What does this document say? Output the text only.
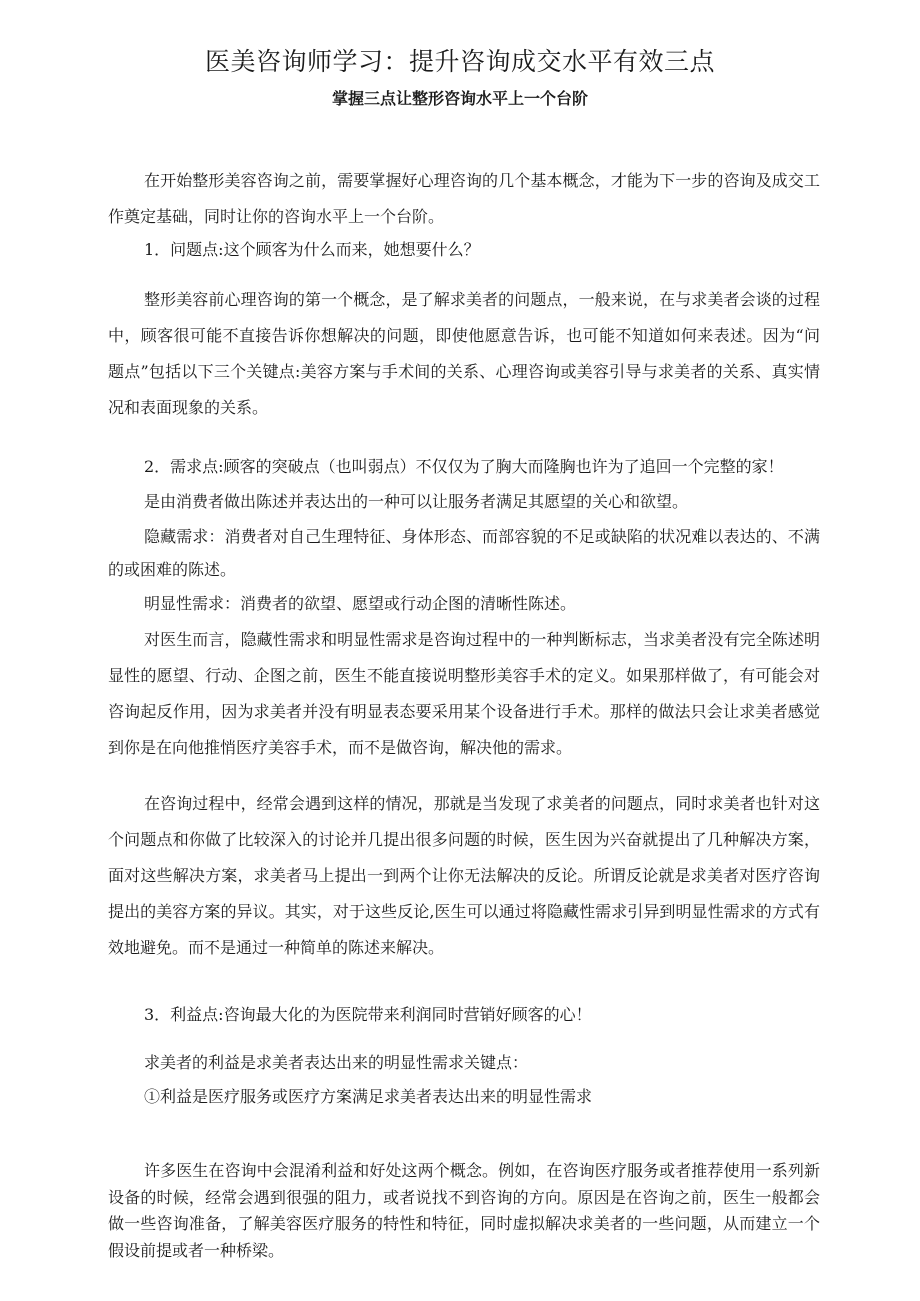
医美咨询师学习：提升咨询成交水平有效三点
掌握三点让整形咨询水平上一个台阶

在开始整形美容咨询之前，需要掌握好心理咨询的几个基本概念，才能为下一步的咨询及成交工作奠定基础，同时让你的咨询水平上一个台阶。

1．问题点:这个顾客为什么而来，她想要什么？

整形美容前心理咨询的第一个概念，是了解求美者的问题点，一般来说，在与求美者会谈的过程中，顾客很可能不直接告诉你想解决的问题，即使他愿意告诉，也可能不知道如何来表述。因为“问题点”包括以下三个关键点:美容方案与手术间的关系、心理咨询或美容引导与求美者的关系、真实情况和表面现象的关系。

2．需求点:顾客的突破点（也叫弱点）不仅仅为了胸大而隆胸也许为了追回一个完整的家！

是由消费者做出陈述并表达出的一种可以让服务者满足其愿望的关心和欲望。

隐藏需求：消费者对自己生理特征、身体形态、而部容貌的不足或缺陷的状况难以表达的、不满的或困难的陈述。

明显性需求：消费者的欲望、愿望或行动企图的清晰性陈述。

对医生而言，隐藏性需求和明显性需求是咨询过程中的一种判断标志，当求美者没有完全陈述明显性的愿望、行动、企图之前，医生不能直接说明整形美容手术的定义。如果那样做了，有可能会对咨询起反作用，因为求美者并没有明显表态要采用某个设备进行手术。那样的做法只会让求美者感觉到你是在向他推悄医疗美容手术，而不是做咨询，解决他的需求。

在咨询过程中，经常会遇到这样的情况，那就是当发现了求美者的问题点，同时求美者也针对这个问题点和你做了比较深入的讨论并几提出很多问题的时候，医生因为兴奋就提出了几种解决方案，面对这些解决方案，求美者马上提出一到两个让你无法解决的反论。所谓反论就是求美者对医疗咨询提出的美容方案的异议。其实，对于这些反论,医生可以通过将隐藏性需求引异到明显性需求的方式有效地避免。而不是通过一种简单的陈述来解决。

3．利益点:咨询最大化的为医院带来利润同时营销好顾客的心！

求美者的利益是求美者表达出来的明显性需求关键点：

①利益是医疗服务或医疗方案满足求美者表达出来的明显性需求

许多医生在咨询中会混淆利益和好处这两个概念。例如，在咨询医疗服务或者推荐使用一系列新设备的时候，经常会遇到很强的阻力，或者说找不到咨询的方向。原因是在咨询之前，医生一般都会做一些咨询准备，了解美容医疗服务的特性和特征，同时虚拟解决求美者的一些问题，从而建立一个假设前提或者一种桥梁。
